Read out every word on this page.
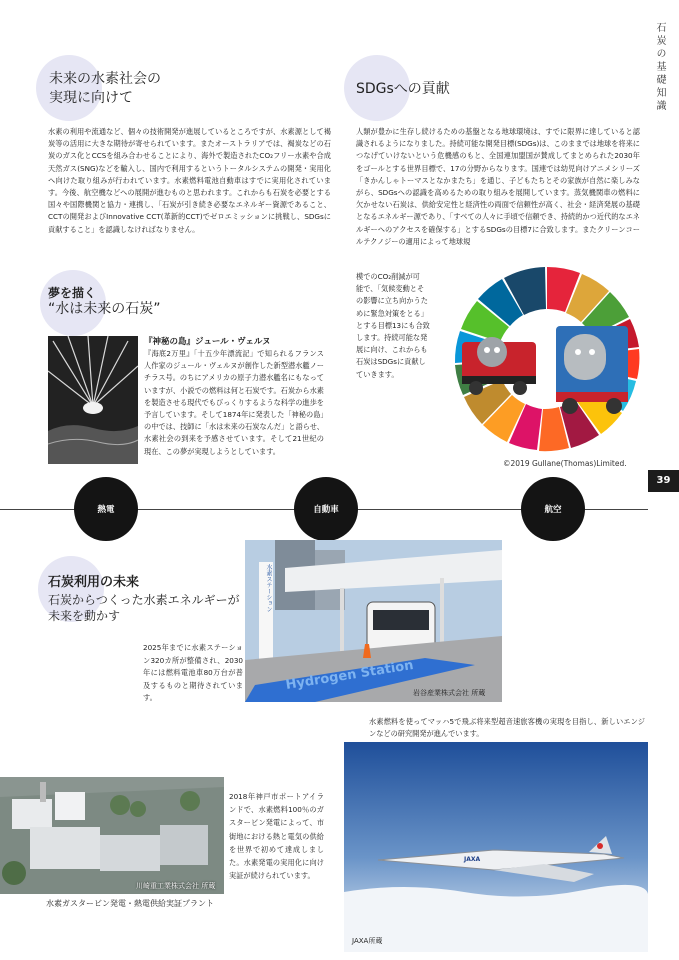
石炭の基礎知識
39
未来の水素社会の
実現に向けて
水素の利用や流通など、個々の技術開発が進展しているところですが、水素源として褐炭等の活用に大きな期待が寄せられています。またオーストラリアでは、褐炭などの石炭のガス化とCCSを組み合わせることにより、海外で製造されたCO₂フリー水素や合成天然ガス(SNG)などを輸入し、国内で利用するというトータルシステムの開発・実用化へ向けた取り組みが行われています。水素燃料電池自動車はすでに実用化されています。今後、航空機などへの展開が進むものと思われます。これからも石炭を必要とする国々や国際機関と協力・連携し、「石炭が引き続き必要なエネルギー資源であること、CCTの開発およびInnovative CCT(革新的CCT)でゼロエミッションに挑戦し、SDGsに貢献すること」を認識しなければなりません。
SDGsへの貢献
人類が豊かに生存し続けるための基盤となる地球環境は、すでに限界に達していると認識されるようになりました。持続可能な開発目標(SDGs)は、このままでは地球を将来につなげていけないという危機感のもと、全国連加盟国が賛成してまとめられた2030年をゴールとする世界目標で、17の分野からなります。国連では幼児向けアニメシリーズ「きかんしゃトーマスとなかまたち」を通じ、子どもたちとその家族が自然に楽しみながら、SDGsへの認識を高めるための取り組みを展開しています。蒸気機関車の燃料に欠かせない石炭は、供給安定性と経済性の両面で信頼性が高く、社会・経済発展の基礎となるエネルギー源であり、「すべての人々に手頃で信頼でき、持続的かつ近代的なエネルギーへのアクセスを確保する」とするSDGsの目標7に合致します。またクリーンコールテクノジーの適用によって地球規
模でのCO₂削減が可
能で、「気候変動とそ
の影響に立ち向かうた
めに緊急対策をとる」
とする目標13にも合致
します。持続可能な発
展に向け、これからも
石炭はSDGsに貢献し
ていきます。
©2019 Gullane(Thomas)Limited.
夢を描く
“水は未来の石炭”
『神秘の島』ジュール・ヴェルヌ
『海底2万里』「十五少年漂流記」で知られるフランス人作家のジュール・ヴェルヌが創作した新型潜水艦ノーチラス号。のちにアメリカの原子力潜水艦名にもなっていますが、小説での燃料は何と石炭です。石炭から水素を製造させる現代でもびっくりするような科学の進歩を予言しています。そして1874年に発表した「神秘の島」の中では、技師に「水は未来の石炭なんだ」と語らせ、水素社会の到来を予感させています。そして21世紀の現在、この夢が実現しようとしています。
熱電	自動車	航空
石炭利用の未来
石炭からつくった水素エネルギーが
未来を動かす
水素ステーション
Hydrogen Station
岩谷産業株式会社 所蔵
2025年までに水素ステーション320カ所が整備され、2030年には燃料電池車80万台が普及するものと期待されています。
水素燃料を使ってマッハ5で飛ぶ将来型超音速旅客機の実現を目指し、新しいエンジンなどの研究開発が進んでいます。
JAXA
JAXA所蔵
川崎重工業株式会社 所蔵
2018年神戸市ポートアイランドで、水素燃料100％のガスタービン発電によって、市街地における熱と電気の供給を世界で初めて達成しました。水素発電の実用化に向け実証が続けられています。
水素ガスタービン発電・熱電供給実証プラント
